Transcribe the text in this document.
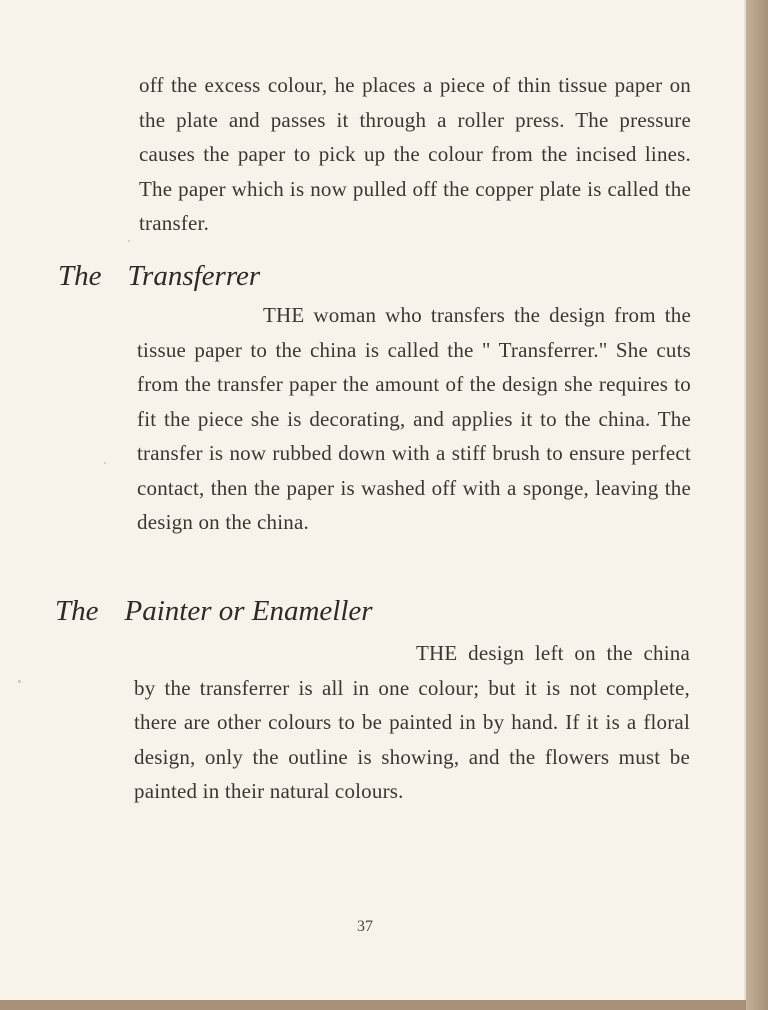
off the excess colour, he places a piece of thin tissue paper on the plate and passes it through a roller press. The pressure causes the paper to pick up the colour from the incised lines. The paper which is now pulled off the copper plate is called the transfer.

The Transferrer

THE woman who transfers the design from the tissue paper to the china is called the " Transferrer." She cuts from the transfer paper the amount of the design she requires to fit the piece she is decorating, and applies it to the china. The transfer is now rubbed down with a stiff brush to ensure perfect contact, then the paper is washed off with a sponge, leaving the design on the china.

The Painter or Enameller

THE design left on the china by the transferrer is all in one colour; but it is not complete, there are other colours to be painted in by hand. If it is a floral design, only the outline is showing, and the flowers must be painted in their natural colours.

37
